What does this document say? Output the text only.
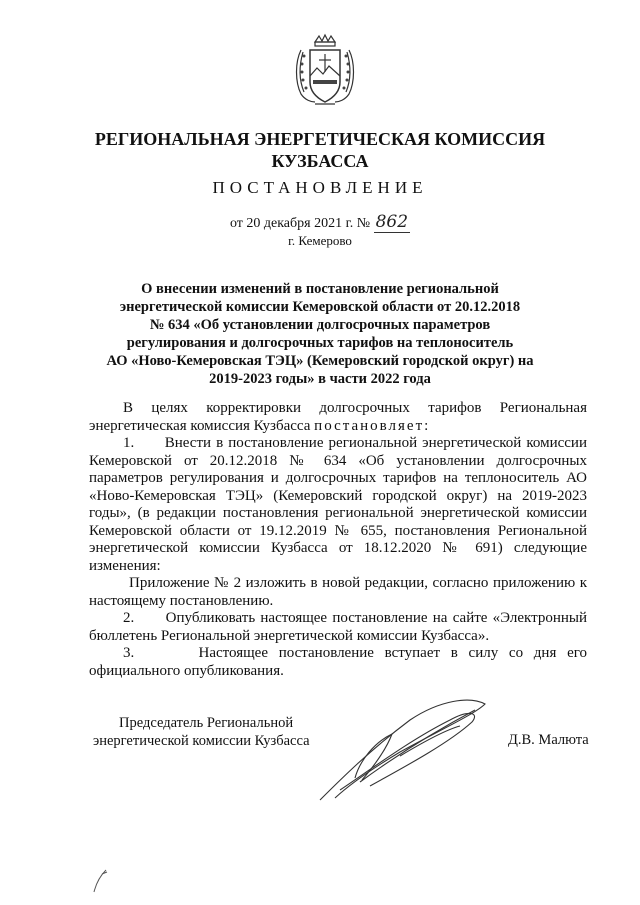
РЕГИОНАЛЬНАЯ ЭНЕРГЕТИЧЕСКАЯ КОМИССИЯ
КУЗБАССА
ПОСТАНОВЛЕНИЕ
от 20 декабря 2021 г. № 862
г. Кемерово
О внесении изменений в постановление региональной
энергетической комиссии Кемеровской области от 20.12.2018
№ 634 «Об установлении долгосрочных параметров
регулирования и долгосрочных тарифов на теплоноситель
АО «Ново-Кемеровская ТЭЦ» (Кемеровский городской округ) на
2019-2023 годы» в части 2022 года

В целях корректировки долгосрочных тарифов Региональная энергетическая комиссия Кузбасса постановляет:

1. Внести в постановление региональной энергетической комиссии Кемеровской от 20.12.2018 № 634 «Об установлении долгосрочных параметров регулирования и долгосрочных тарифов на теплоноситель АО «Ново-Кемеровская ТЭЦ» (Кемеровский городской округ) на 2019-2023 годы», (в редакции постановления региональной энергетической комиссии Кемеровской области от 19.12.2019 № 655, постановления Региональной энергетической комиссии Кузбасса от 18.12.2020 № 691) следующие изменения:

Приложение № 2 изложить в новой редакции, согласно приложению к настоящему постановлению.

2. Опубликовать настоящее постановление на сайте «Электронный бюллетень Региональной энергетической комиссии Кузбасса».

3.	Настоящее постановление вступает в силу со дня его официального опубликования.

Председатель Региональной
энергетической комиссии Кузбасса	Д.В. Малюта
